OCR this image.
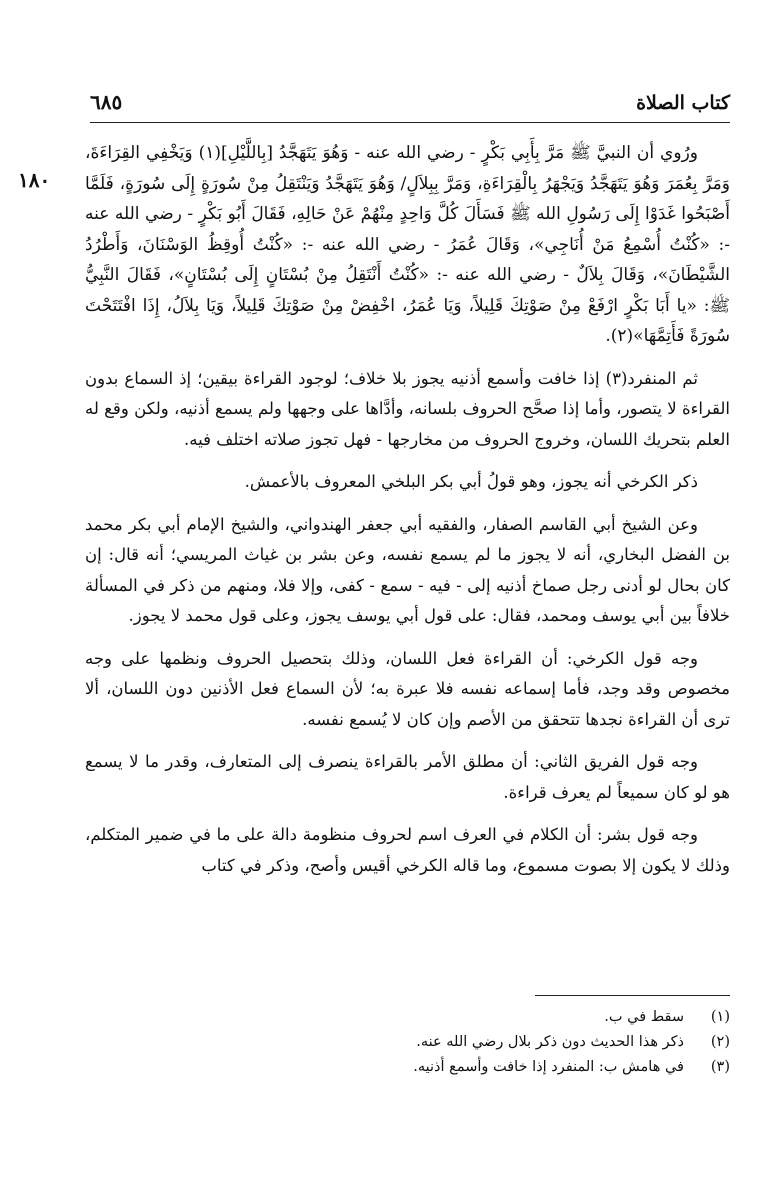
كتاب الصلاة
٦٨٥
١٨٠

ورُوي أن النبيَّ ﷺ مَرَّ بِأَبِي بَكْرٍ - رضي الله عنه - وَهُوَ يَتَهَجَّدُ [بِاللَّيْلِ](١) وَيَخْفِي القِرَاءَةَ، وَمَرَّ بِعُمَرَ وَهُوَ يَتَهَجَّدُ وَيَجْهَرُ بِالْقِرَاءَةِ، وَمَرَّ بِبِلاَلٍ/ وَهُوَ يَتَهَجَّدُ وَيَنْتَقِلُ مِنْ سُورَةٍ إِلَى سُورَةٍ، فَلَمَّا أَصْبَحُوا غَدَوْا إِلَى رَسُولِ الله ﷺ فَسَأَلَ كُلَّ وَاحِدٍ مِنْهُمْ عَنْ حَالِهِ، فَقَالَ أَبُو بَكْرٍ - رضي الله عنه -: «كُنْتُ أُسْمِعُ مَنْ أُنَاجِي»، وَقَالَ عُمَرُ - رضي الله عنه -: «كُنْتُ أُوقِظُ الوَسْنَانَ، وَأَطْرُدُ الشَّيْطَانَ»، وَقَالَ بِلاَلٌ - رضي الله عنه -: «كُنْتُ أَنْتَقِلُ مِنْ بُسْتَانٍ إِلَى بُسْتَانٍ»، فَقَالَ النَّبِيُّ ﷺ: «يا أَبَا بَكْرٍ ارْفَعْ مِنْ صَوْتِكَ قَلِيلاً، وَيَا عُمَرُ، اخْفِضْ مِنْ صَوْتِكَ قَلِيلاً، وَيَا بِلاَلُ، إِذَا افْتَتَحْتَ سُورَةً فَأَتِمَّهَا»(٢).

ثم المنفرد(٣) إذا خافت وأسمع أذنيه يجوز بلا خلاف؛ لوجود القراءة بيقين؛ إذ السماع بدون القراءة لا يتصور، وأما إذا صحَّح الحروف بلسانه، وأدَّاها على وجهها ولم يسمع أذنيه، ولكن وقع له العلم بتحريك اللسان، وخروج الحروف من مخارجها - فهل تجوز صلاته اختلف فيه.

ذكر الكرخي أنه يجوز، وهو قولُ أبي بكر البلخي المعروف بالأعمش.

وعن الشيخ أبي القاسم الصفار، والفقيه أبي جعفر الهندواني، والشيخ الإمام أبي بكر محمد بن الفضل البخاري، أنه لا يجوز ما لم يسمع نفسه، وعن بشر بن غياث المريسي؛ أنه قال: إن كان بحال لو أدنى رجل صماخ أذنيه إلى - فيه - سمع - كفى، وإلا فلا، ومنهم من ذكر في المسألة خلافاً بين أبي يوسف ومحمد، فقال: على قول أبي يوسف يجوز، وعلى قول محمد لا يجوز.

وجه قول الكرخي: أن القراءة فعل اللسان، وذلك بتحصيل الحروف ونظمها على وجه مخصوص وقد وجد، فأما إسماعه نفسه فلا عبرة به؛ لأن السماع فعل الأذنين دون اللسان، ألا ترى أن القراءة نجدها تتحقق من الأصم وإن كان لا يُسمع نفسه.

وجه قول الفريق الثاني: أن مطلق الأمر بالقراءة ينصرف إلى المتعارف، وقدر ما لا يسمع هو لو كان سميعاً لم يعرف قراءة.

وجه قول بشر: أن الكلام في العرف اسم لحروف منظومة دالة على ما في ضمير المتكلم، وذلك لا يكون إلا بصوت مسموع، وما قاله الكرخي أقيس وأصح، وذكر في كتاب

(١)
سقط في ب.
(٢)
ذكر هذا الحديث دون ذكر بلال رضي الله عنه.
(٣)
في هامش ب: المنفرد إذا خافت وأسمع أذنيه.
